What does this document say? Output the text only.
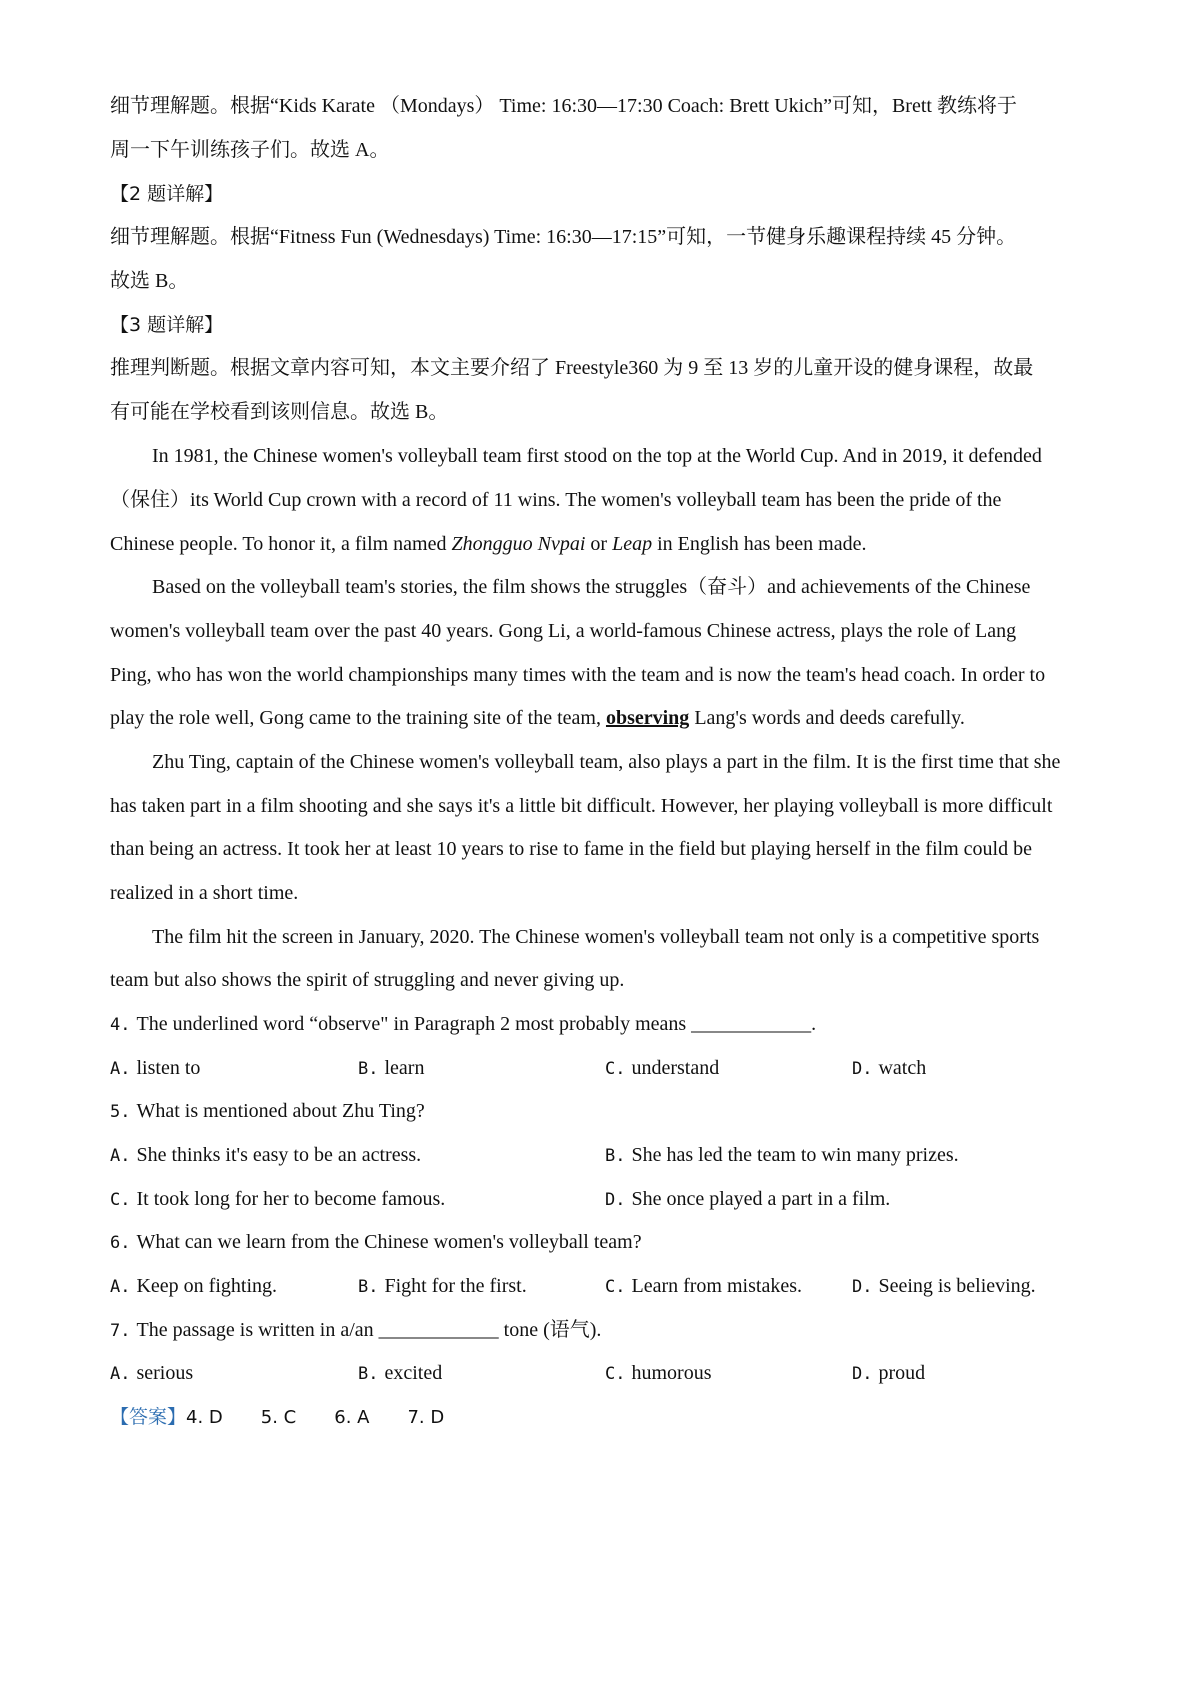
细节理解题。根据“Kids Karate （Mondays） Time: 16:30—17:30 Coach: Brett Ukich”可知，Brett 教练将于
周一下午训练孩子们。故选 A。
【2 题详解】
细节理解题。根据“Fitness Fun (Wednesdays) Time: 16:30—17:15”可知，一节健身乐趣课程持续 45 分钟。
故选 B。
【3 题详解】
推理判断题。根据文章内容可知，本文主要介绍了 Freestyle360 为 9 至 13 岁的儿童开设的健身课程，故最
有可能在学校看到该则信息。故选 B。
In 1981, the Chinese women's volleyball team first stood on the top at the World Cup. And in 2019, it defended
（保住）its World Cup crown with a record of 11 wins. The women's volleyball team has been the pride of the
Chinese people. To honor it, a film named Zhongguo Nvpai or Leap in English has been made.
Based on the volleyball team's stories, the film shows the struggles（奋斗）and achievements of the Chinese
women's volleyball team over the past 40 years. Gong Li, a world-famous Chinese actress, plays the role of Lang
Ping, who has won the world championships many times with the team and is now the team's head coach. In order to
play the role well, Gong came to the training site of the team, observing Lang's words and deeds carefully.
Zhu Ting, captain of the Chinese women's volleyball team, also plays a part in the film. It is the first time that she
has taken part in a film shooting and she says it's a little bit difficult. However, her playing volleyball is more difficult
than being an actress. It took her at least 10 years to rise to fame in the field but playing herself in the film could be
realized in a short time.
The film hit the screen in January, 2020. The Chinese women's volleyball team not only is a competitive sports
team but also shows the spirit of struggling and never giving up.
4. The underlined word “observe" in Paragraph 2 most probably means ____________.
A. listen to	B. learn	C. understand	D. watch
5. What is mentioned about Zhu Ting?
A. She thinks it's easy to be an actress.	B. She has led the team to win many prizes.
C. It took long for her to become famous.	D. She once played a part in a film.
6. What can we learn from the Chinese women's volleyball team?
A. Keep on fighting.	B. Fight for the first.	C. Learn from mistakes.	D. Seeing is believing.
7. The passage is written in a/an ____________ tone (语气).
A. serious	B. excited	C. humorous	D. proud
【答案】4. D 5. C 6. A 7. D
